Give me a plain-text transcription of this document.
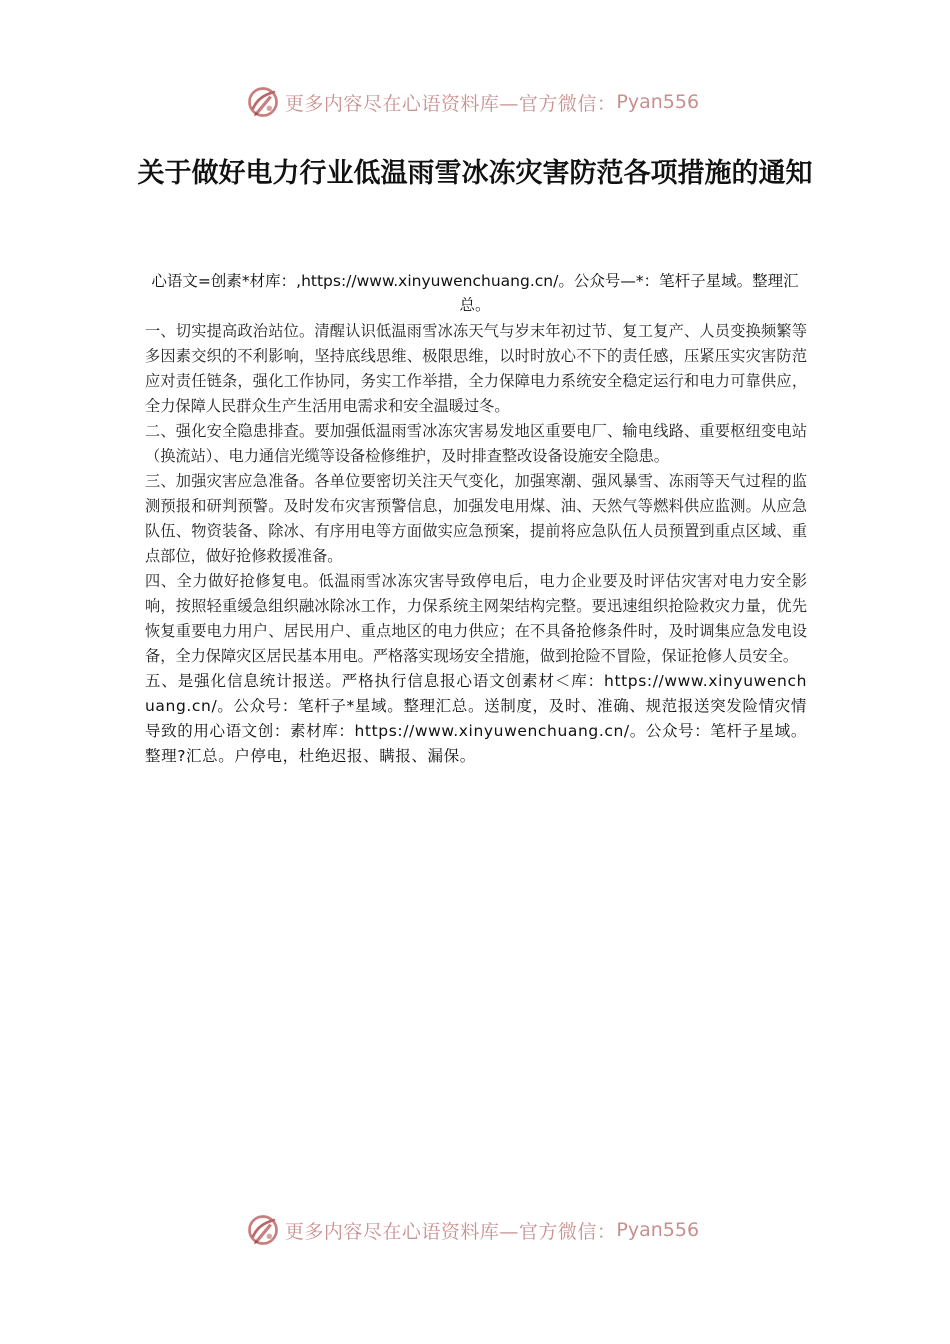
更多内容尽在心语资料库—官方微信： Pyan556
关于做好电力行业低温雨雪冰冻灾害防范各项措施的通知
心语文=创素*材库：,https://www.xinyuwenchuang.cn/。公众号—*：笔杆子星域。整理汇总。

一、切实提高政治站位。清醒认识低温雨雪冰冻天气与岁末年初过节、复工复产、人员变换频繁等多因素交织的不利影响，坚持底线思维、极限思维，以时时放心不下的责任感，压紧压实灾害防范应对责任链条，强化工作协同，务实工作举措，全力保障电力系统安全稳定运行和电力可靠供应，全力保障人民群众生产生活用电需求和安全温暖过冬。

二、强化安全隐患排查。要加强低温雨雪冰冻灾害易发地区重要电厂、输电线路、重要枢纽变电站（换流站）、电力通信光缆等设备检修维护，及时排查整改设备设施安全隐患。

三、加强灾害应急准备。各单位要密切关注天气变化，加强寒潮、强风暴雪、冻雨等天气过程的监测预报和研判预警。及时发布灾害预警信息，加强发电用煤、油、天然气等燃料供应监测。从应急队伍、物资装备、除冰、有序用电等方面做实应急预案，提前将应急队伍人员预置到重点区域、重点部位，做好抢修救援准备。

四、全力做好抢修复电。低温雨雪冰冻灾害导致停电后，电力企业要及时评估灾害对电力安全影响，按照轻重缓急组织融冰除冰工作，力保系统主网架结构完整。要迅速组织抢险救灾力量，优先恢复重要电力用户、居民用户、重点地区的电力供应；在不具备抢修条件时，及时调集应急发电设备，全力保障灾区居民基本用电。严格落实现场安全措施，做到抢险不冒险，保证抢修人员安全。

五、是强化信息统计报送。严格执行信息报心语文创素材＜库：https://www.xinyuwenchuang.cn/。公众号：笔杆子*星域。整理汇总。送制度，及时、准确、规范报送突发险情灾情导致的用心语文创：素材库：https://www.xinyuwenchuang.cn/。公众号：笔杆子星域。整理?汇总。户停电，杜绝迟报、瞒报、漏保。

更多内容尽在心语资料库—官方微信： Pyan556
